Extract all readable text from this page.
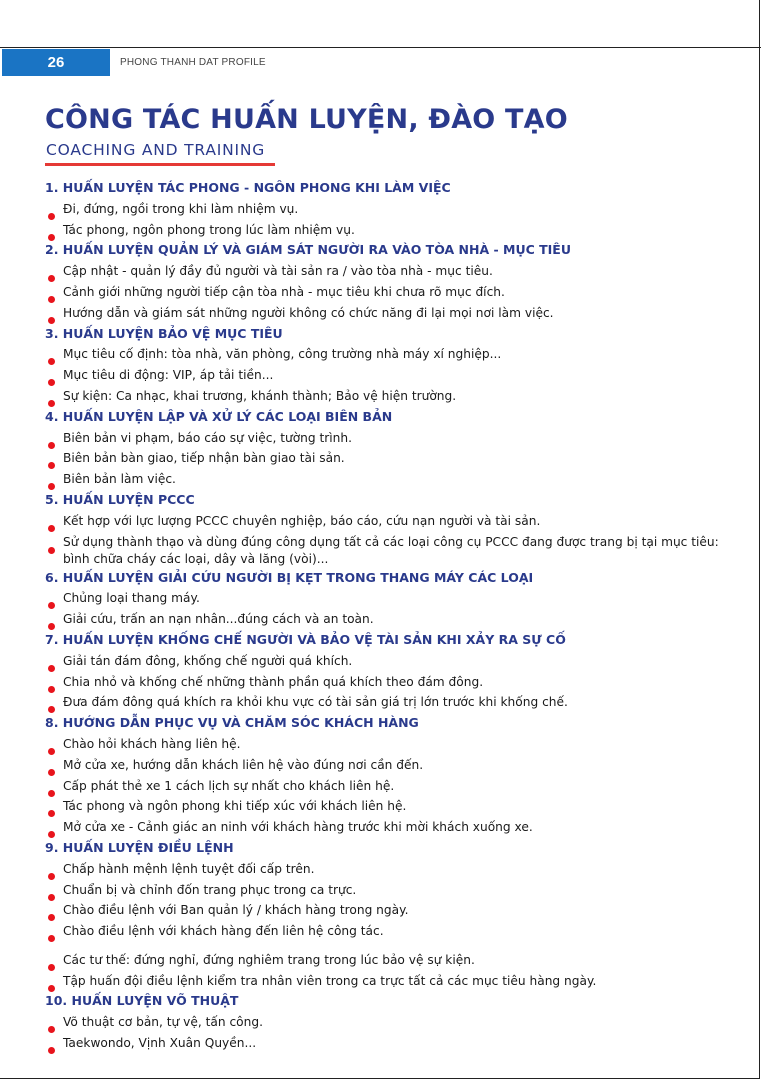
26	PHONG THANH DAT PROFILE
CÔNG TÁC HUẤN LUYỆN, ĐÀO TẠO
COACHING AND TRAINING
1. HUẤN LUYỆN TÁC PHONG - NGÔN PHONG KHI LÀM VIỆC
Đi, đứng, ngồi trong khi làm nhiệm vụ.
Tác phong, ngôn phong trong lúc làm nhiệm vụ.
2. HUẤN LUYỆN QUẢN LÝ VÀ GIÁM SÁT NGƯỜI RA VÀO TÒA NHÀ - MỤC TIÊU
Cập nhật - quản lý đầy đủ người và tài sản ra / vào tòa nhà - mục tiêu.
Cảnh giới những người tiếp cận tòa nhà - mục tiêu khi chưa rõ mục đích.
Hướng dẫn và giám sát những người không có chức năng đi lại mọi nơi làm việc.
3. HUẤN LUYỆN BẢO VỆ MỤC TIÊU
Mục tiêu cố định: tòa nhà, văn phòng, công trường nhà máy xí nghiệp...
Mục tiêu di động: VIP, áp tải tiền...
Sự kiện: Ca nhạc, khai trương, khánh thành; Bảo vệ hiện trường.
4. HUẤN LUYỆN LẬP VÀ XỬ LÝ CÁC LOẠI BIÊN BẢN
Biên bản vi phạm, báo cáo sự việc, tường trình.
Biên bản bàn giao, tiếp nhận bàn giao tài sản.
Biên bản làm việc.
5. HUẤN LUYỆN PCCC
Kết hợp với lực lượng PCCC chuyên nghiệp, báo cáo, cứu nạn người và tài sản.
Sử dụng thành thạo và dùng đúng công dụng tất cả các loại công cụ PCCC đang được trang bị tại mục tiêu: bình chữa cháy các loại, dây và lăng (vòi)...
6. HUẤN LUYỆN GIẢI CỨU NGƯỜI BỊ KẸT TRONG THANG MÁY CÁC LOẠI
Chủng loại thang máy.
Giải cứu, trấn an nạn nhân...đúng cách và an toàn.
7. HUẤN LUYỆN KHỐNG CHẾ NGƯỜI VÀ BẢO VỆ TÀI SẢN KHI XẢY RA SỰ CỐ
Giải tán đám đông, khống chế người quá khích.
Chia nhỏ và khống chế những thành phần quá khích theo đám đông.
Đưa đám đông quá khích ra khỏi khu vực có tài sản giá trị lớn trước khi khống chế.
8. HƯỚNG DẪN PHỤC VỤ VÀ CHĂM SÓC KHÁCH HÀNG
Chào hỏi khách hàng liên hệ.
Mở cửa xe, hướng dẫn khách liên hệ vào đúng nơi cần đến.
Cấp phát thẻ xe 1 cách lịch sự nhất cho khách liên hệ.
Tác phong và ngôn phong khi tiếp xúc với khách liên hệ.
Mở cửa xe - Cảnh giác an ninh với khách hàng trước khi mời khách xuống xe.
9. HUẤN LUYỆN ĐIỀU LỆNH
Chấp hành mệnh lệnh tuyệt đối cấp trên.
Chuẩn bị và chỉnh đốn trang phục trong ca trực.
Chào điều lệnh với Ban quản lý / khách hàng trong ngày.
Chào điều lệnh với khách hàng đến liên hệ công tác.
Các tư thế: đứng nghỉ, đứng nghiêm trang trong lúc bảo vệ sự kiện.
Tập huấn đội điều lệnh kiểm tra nhân viên trong ca trực tất cả các mục tiêu hàng ngày.
10. HUẤN LUYỆN VÕ THUẬT
Võ thuật cơ bản, tự vệ, tấn công.
Taekwondo, Vịnh Xuân Quyền...
